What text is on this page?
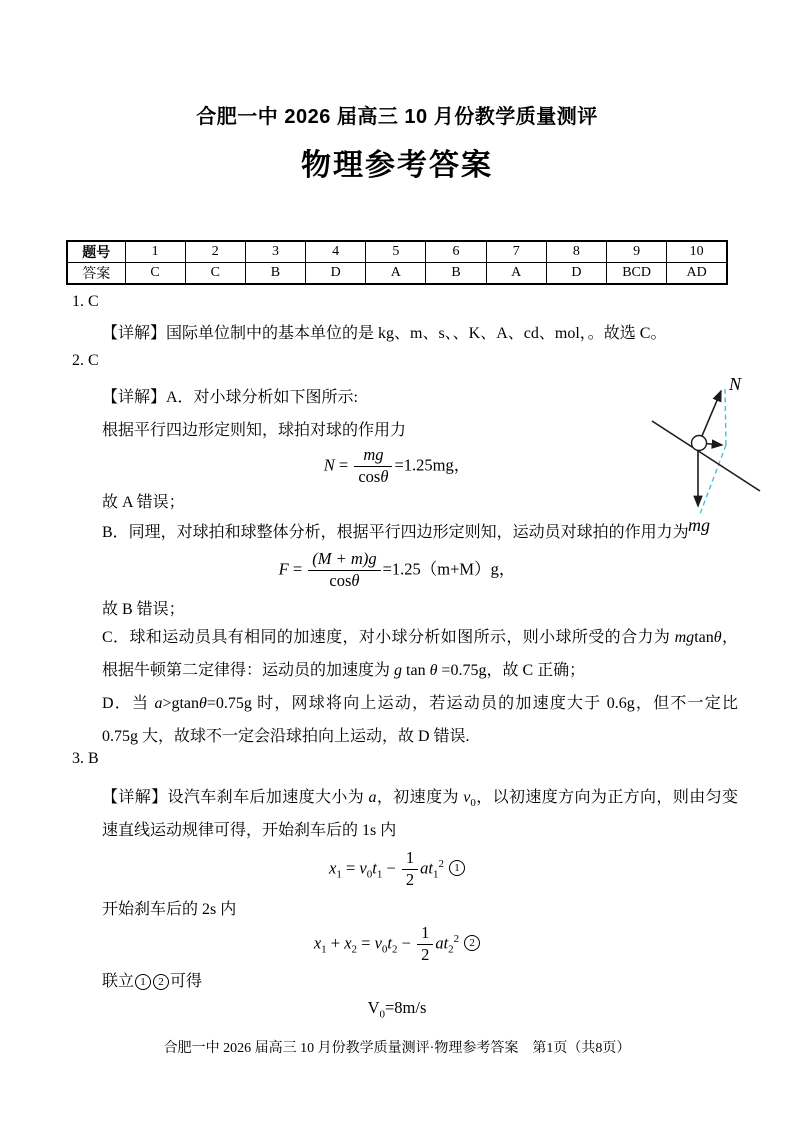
合肥一中 2026 届高三 10 月份教学质量测评
物理参考答案
题号	1	2	3	4	5	6	7	8	9	10
答案	C	C	B	D	A	B	A	D	BCD	AD
1. C
【详解】国际单位制中的基本单位的是 kg、m、s、、K、A、cd、mol，。故选 C。
2. C
【详解】A．对小球分析如下图所示:
根据平行四边形定则知，球拍对球的作用力
$N = \frac{mg}{\cos\theta} =1.25mg$，
故 A 错误；
B．同理，对球拍和球整体分析，根据平行四边形定则知，运动员对球拍的作用力为
$F = \frac{(M + m)g}{\cos\theta} =1.25(m+M)g$，
故 B 错误；
C．球和运动员具有相同的加速度，对小球分析如图所示，则小球所受的合力为 mgtanθ，根据牛顿第二定律得：运动员的加速度为 g tan θ =0.75g，故 C 正确；
D．当 a>gtanθ=0.75g 时，网球将向上运动，若运动员的加速度大于 0.6g，但不一定比 0.75g 大，故球不一定会沿球拍向上运动，故 D 错误.
N
mg
3. B
【详解】设汽车刹车后加速度大小为 a，初速度为 $v_0$，以初速度方向为正方向，则由匀变速直线运动规律可得，开始刹车后的 1s 内
$x_1 = v_0t_1 - \frac{1}{2} at_1^2$ 1
开始刹车后的 2s 内
$x_1 + x_2 = v_0t_2 - \frac{1}{2} at_2^2$ 2
联立 1 2 可得
$V_0=8m/s$
合肥一中 2026 届高三 10 月份教学质量测评·物理参考答案　第1页（共8页）
